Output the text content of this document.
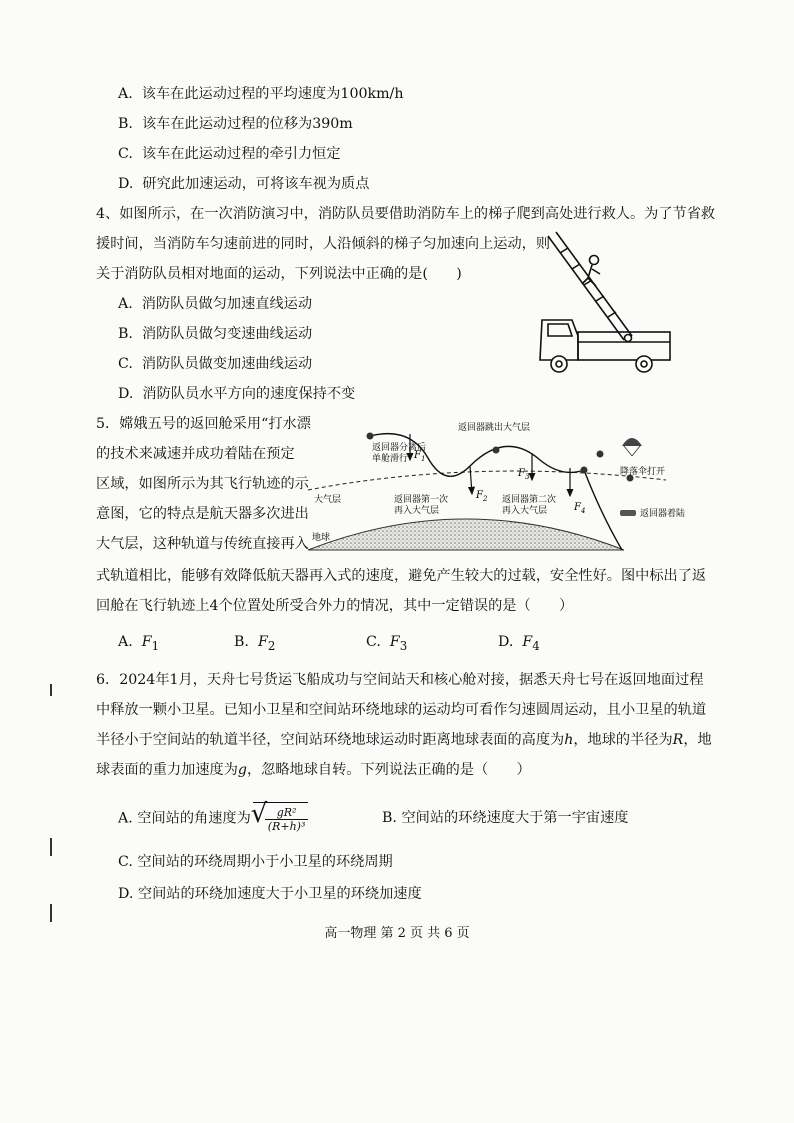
A. 该车在此运动过程的平均速度为100km/h
B. 该车在此运动过程的位移为390m
C. 该车在此运动过程的牵引力恒定
D. 研究此加速运动，可将该车视为质点
4、如图所示，在一次消防演习中，消防队员要借助消防车上的梯子爬到高处进行救人。为了节省救
援时间，当消防车匀速前进的同时，人沿倾斜的梯子匀加速向上运动，则
关于消防队员相对地面的运动，下列说法中正确的是(　　)
A. 消防队员做匀加速直线运动
B. 消防队员做匀变速曲线运动
C. 消防队员做变加速曲线运动
D. 消防队员水平方向的速度保持不变
5．嫦娥五号的返回舱采用“打水漂
的技术来减速并成功着陆在预定
区域，如图所示为其飞行轨迹的示
意图，它的特点是航天器多次进出
大气层，这种轨道与传统直接再入
式轨道相比，能够有效降低航天器再入式的速度，避免产生较大的过载，安全性好。图中标出了返
回舱在飞行轨迹上4个位置处所受合外力的情况，其中一定错误的是（　　）
返回器分离后
单舱滑行
返回器跳出大气层
降落伞打开
大气层	返回器第一次
再入大气层
返回器第二次
再入大气层	返回器着陆
地球
$F_1$
$F_2$
$F_3$
$F_4$
A. $F_1$	B. $F_2$	C. $F_3$	D. $F_4$
6．2024年1月，天舟七号货运飞船成功与空间站天和核心舱对接，据悉天舟七号在返回地面过程
中释放一颗小卫星。已知小卫星和空间站环绕地球的运动均可看作匀速圆周运动，且小卫星的轨道
半径小于空间站的轨道半径，空间站环绕地球运动时距离地球表面的高度为h，地球的半径为R，地
球表面的重力加速度为g，忽略地球自转。下列说法正确的是（　　）
A. 空间站的角速度为
√ $\frac{\text{gR²}}{\text{(R+h)³}}$	B. 空间站的环绕速度大于第一宇宙速度
C. 空间站的环绕周期小于小卫星的环绕周期
D. 空间站的环绕加速度大于小卫星的环绕加速度
高一物理 第 2 页 共 6 页
